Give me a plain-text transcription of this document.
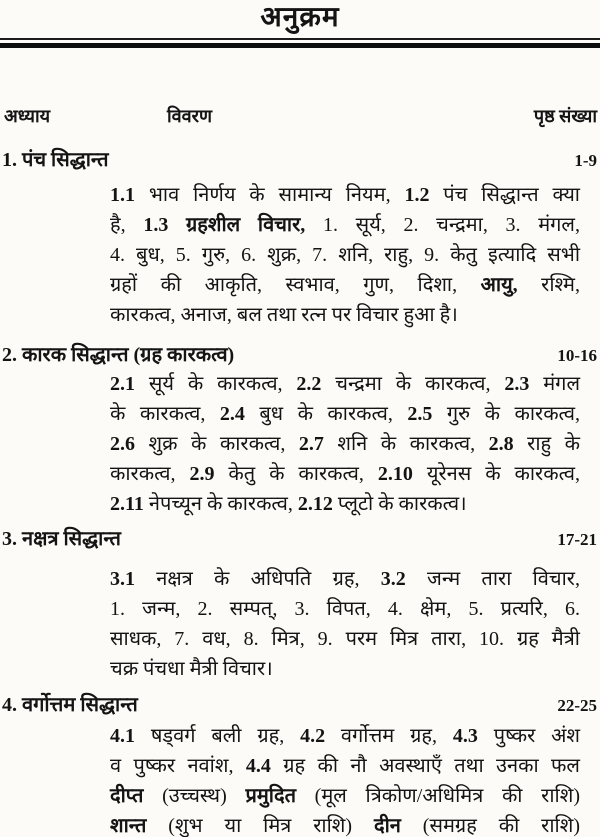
अनुक्रम
अध्याय	विवरण	पृष्ठ संख्या
1. पंच सिद्धान्त	1-9
1.1 भाव निर्णय के सामान्य नियम, 1.2 पंच सिद्धान्त क्या
है, 1.3 ग्रहशील विचार, 1. सूर्य, 2. चन्द्रमा, 3. मंगल,
4. बुध, 5. गुरु, 6. शुक्र, 7. शनि, राहु, 9. केतु इत्यादि सभी
ग्रहों की आकृति, स्वभाव, गुण, दिशा, आयु, रश्मि,
कारकत्व, अनाज, बल तथा रत्न पर विचार हुआ है।
2. कारक सिद्धान्त (ग्रह कारकत्व)	10-16
2.1 सूर्य के कारकत्व, 2.2 चन्द्रमा के कारकत्व, 2.3 मंगल
के कारकत्व, 2.4 बुध के कारकत्व, 2.5 गुरु के कारकत्व,
2.6 शुक्र के कारकत्व, 2.7 शनि के कारकत्व, 2.8 राहु के
कारकत्व, 2.9 केतु के कारकत्व, 2.10 यूरेनस के कारकत्व,
2.11 नेपच्यून के कारकत्व, 2.12 प्लूटो के कारकत्व।
3. नक्षत्र सिद्धान्त	17-21
3.1 नक्षत्र के अधिपति ग्रह, 3.2 जन्म तारा विचार,
1. जन्म, 2. सम्पत्, 3. विपत, 4. क्षेम, 5. प्रत्यरि, 6.
साधक, 7. वध, 8. मित्र, 9. परम मित्र तारा, 10. ग्रह मैत्री
चक्र पंचधा मैत्री विचार।
4. वर्गोत्तम सिद्धान्त	22-25
4.1 षड्वर्ग बली ग्रह, 4.2 वर्गोत्तम ग्रह, 4.3 पुष्कर अंश
व पुष्कर नवांश, 4.4 ग्रह की नौ अवस्थाएँ तथा उनका फल
दीप्त (उच्चस्थ) प्रमुदित (मूल त्रिकोण/अधिमित्र की राशि)
शान्त (शुभ या मित्र राशि) दीन (समग्रह की राशि)
